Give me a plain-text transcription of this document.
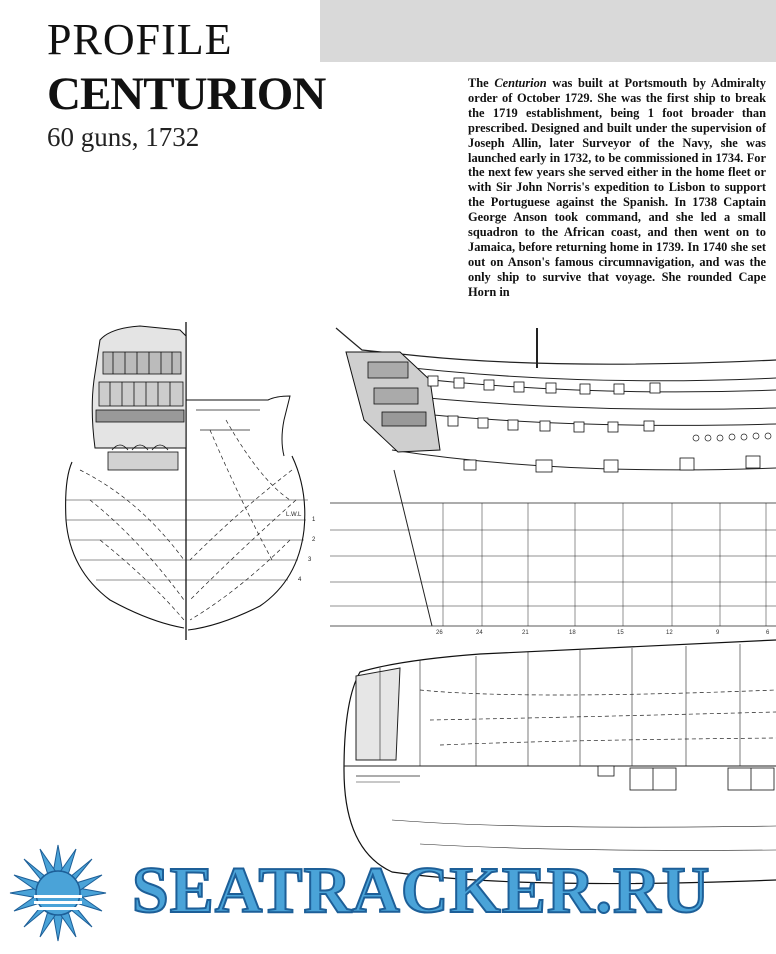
PROFILE
CENTURION
60 guns, 1732
The Centurion was built at Portsmouth by Admiralty order of October 1729. She was the first ship to break the 1719 establishment, being 1 foot broader than prescribed. Designed and built under the supervision of Joseph Allin, later Surveyor of the Navy, she was launched early in 1732, to be commissioned in 1734. For the next few years she served either in the home fleet or with Sir John Norris's expedition to Lisbon to support the Portuguese against the Spanish. In 1738 Captain George Anson took command, and she led a small squadron to the African coast, and then went on to Jamaica, before returning home in 1739. In 1740 she set out on Anson's famous circumnavigation, and was the only ship to survive that voyage. She rounded Cape Horn in
L.W.L
1
2
3
4
26	24	21	18	15	12	9	6
SEATRACKER.RU
